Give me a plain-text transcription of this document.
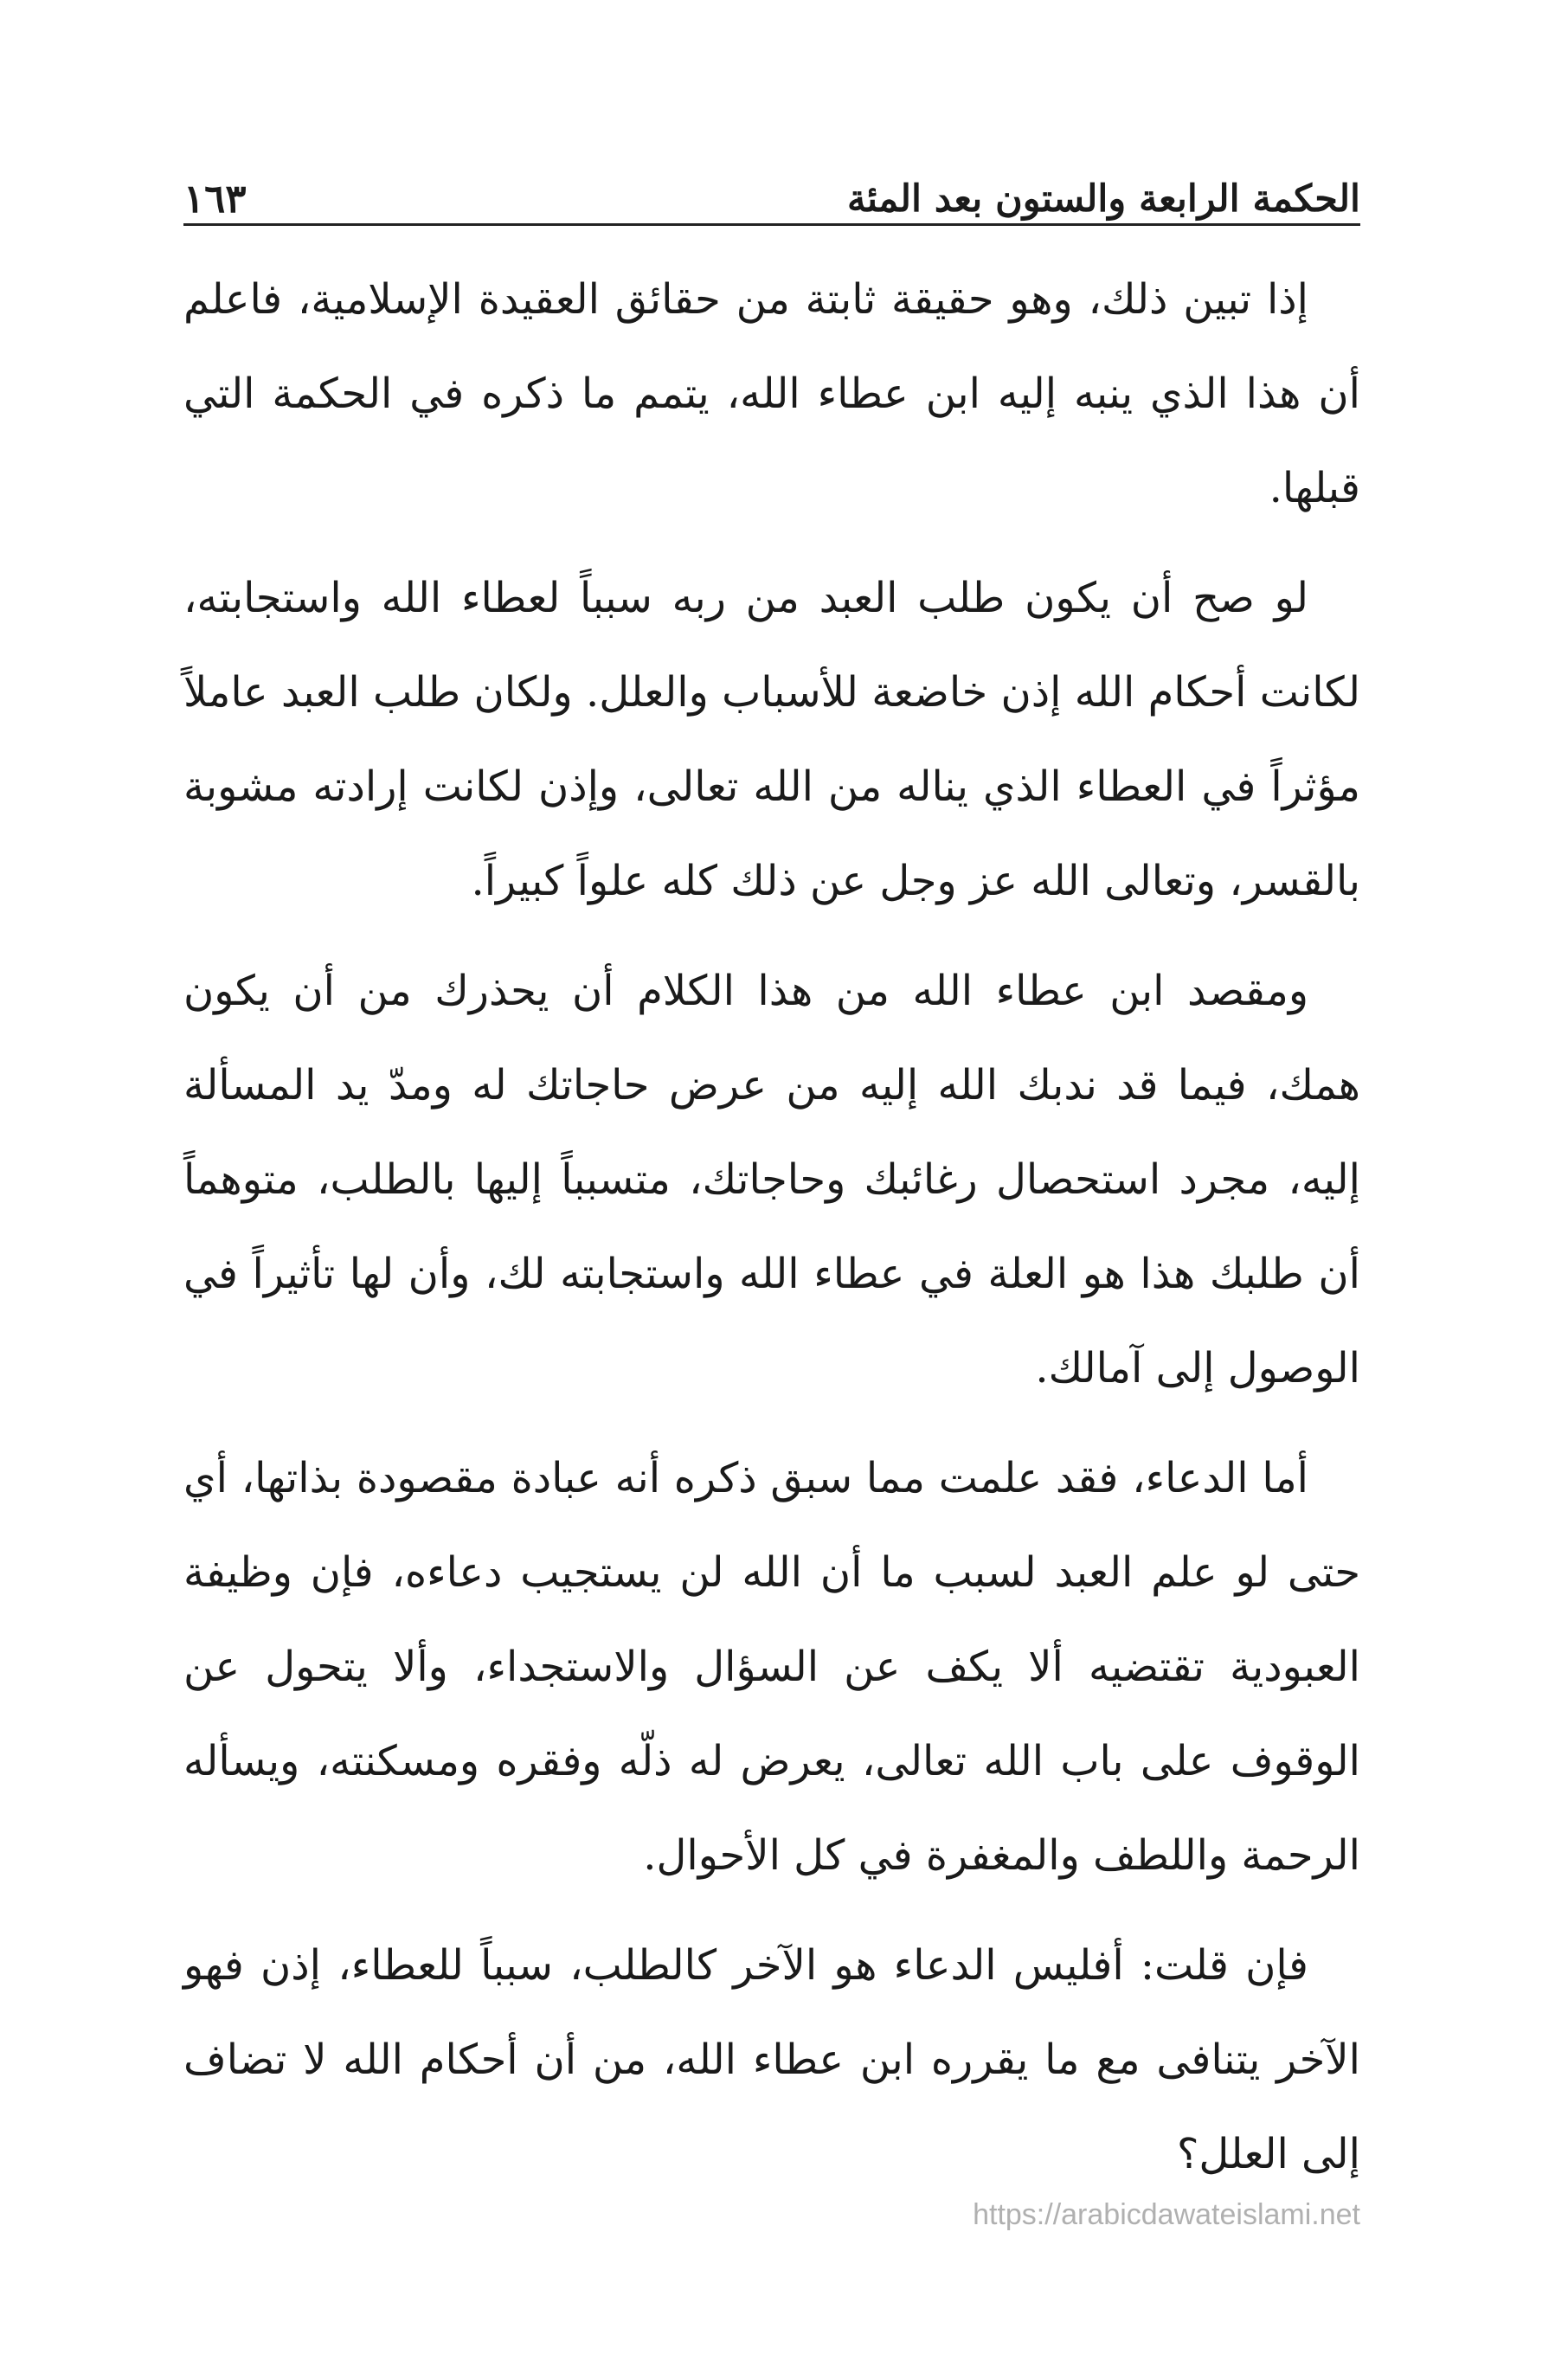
الحكمة الرابعة والستون بعد المئة
١٦٣

إذا تبين ذلك، وهو حقيقة ثابتة من حقائق العقيدة الإسلامية، فاعلم أن هذا الذي ينبه إليه ابن عطاء الله، يتمم ما ذكره في الحكمة التي قبلها.

لو صح أن يكون طلب العبد من ربه سبباً لعطاء الله واستجابته، لكانت أحكام الله إذن خاضعة للأسباب والعلل. ولكان طلب العبد عاملاً مؤثراً في العطاء الذي يناله من الله تعالى، وإذن لكانت إرادته مشوبة بالقسر، وتعالى الله عز وجل عن ذلك كله علواً كبيراً.

ومقصد ابن عطاء الله من هذا الكلام أن يحذرك من أن يكون همك، فيما قد ندبك الله إليه من عرض حاجاتك له ومدّ يد المسألة إليه، مجرد استحصال رغائبك وحاجاتك، متسبباً إليها بالطلب، متوهماً أن طلبك هذا هو العلة في عطاء الله واستجابته لك، وأن لها تأثيراً في الوصول إلى آمالك.

أما الدعاء، فقد علمت مما سبق ذكره أنه عبادة مقصودة بذاتها، أي حتى لو علم العبد لسبب ما أن الله لن يستجيب دعاءه، فإن وظيفة العبودية تقتضيه ألا يكف عن السؤال والاستجداء، وألا يتحول عن الوقوف على باب الله تعالى، يعرض له ذلّه وفقره ومسكنته، ويسأله الرحمة واللطف والمغفرة في كل الأحوال.

فإن قلت: أفليس الدعاء هو الآخر كالطلب، سبباً للعطاء، إذن فهو الآخر يتنافى مع ما يقرره ابن عطاء الله، من أن أحكام الله لا تضاف إلى العلل؟

https://arabicdawateislami.net
